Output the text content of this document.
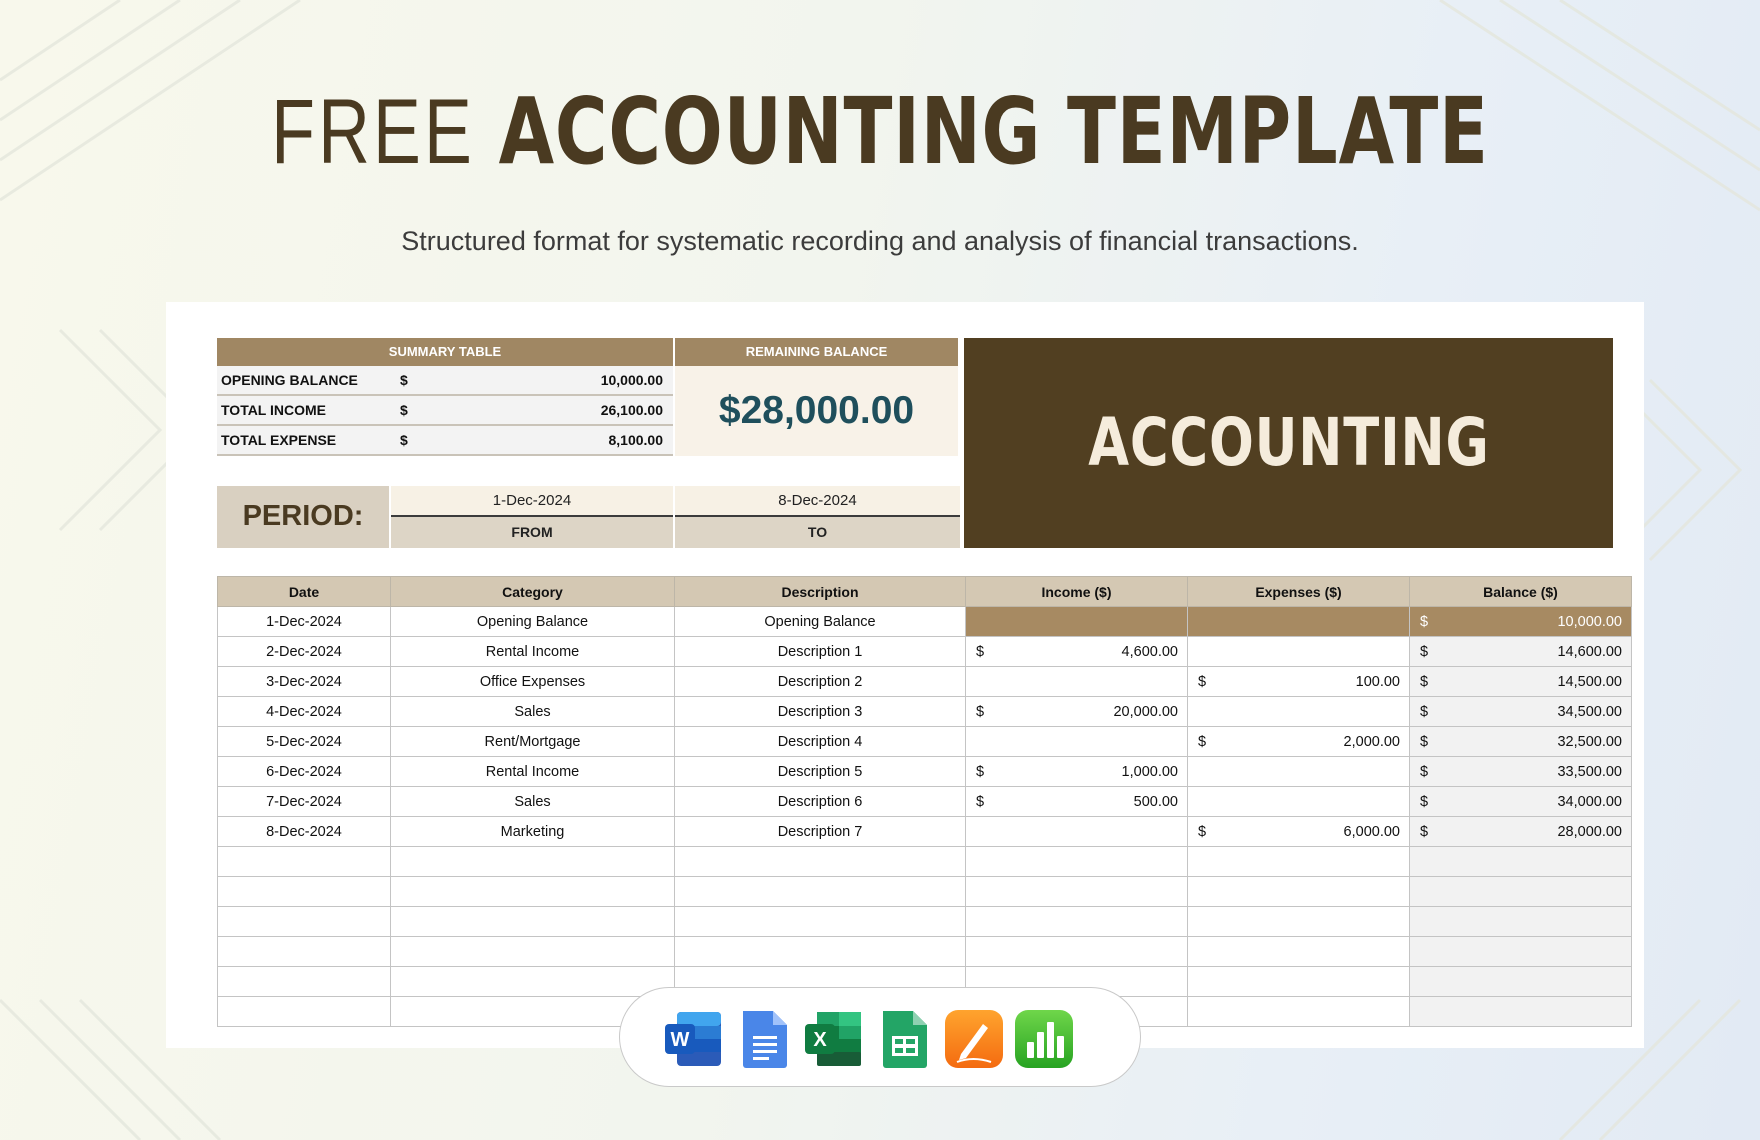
FREE ACCOUNTING TEMPLATE
Structured format for systematic recording and analysis of financial transactions.
SUMMARY TABLE
OPENING BALANCE	$	10,000.00
TOTAL INCOME	$	26,100.00
TOTAL EXPENSE	$	8,100.00
REMAINING BALANCE
$28,000.00	ACCOUNTING
PERIOD:	1-Dec-2024
FROM
8-Dec-2024
TO
Date	Category	Description	Income ($)	Expenses ($)	Balance ($)
1-Dec-2024	Opening Balance	Opening Balance			$ 10,000.00
2-Dec-2024	Rental Income	Description 1	$ 4,600.00		$ 14,600.00
3-Dec-2024	Office Expenses	Description 2		$ 100.00	$ 14,500.00
4-Dec-2024	Sales	Description 3	$ 20,000.00		$ 34,500.00
5-Dec-2024	Rent/Mortgage	Description 4		$ 2,000.00	$ 32,500.00
6-Dec-2024	Rental Income	Description 5	$ 1,000.00		$ 33,500.00
7-Dec-2024	Sales	Description 6	$ 500.00		$ 34,000.00
8-Dec-2024	Marketing	Description 7		$ 6,000.00	$ 28,000.00

W	X
